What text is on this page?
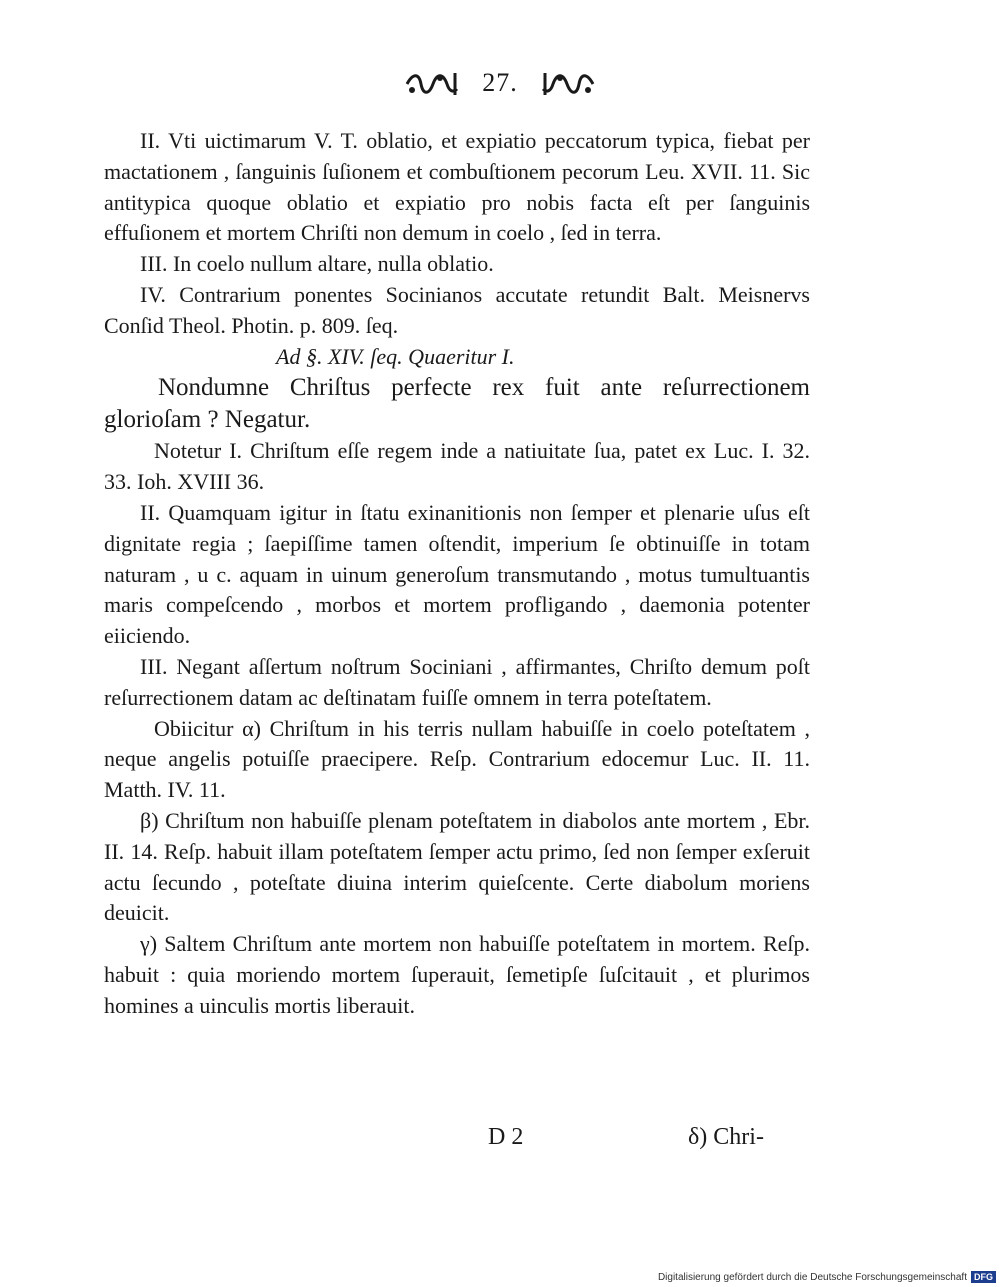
27.

II. Vti uictimarum V. T. oblatio, et expiatio peccatorum typica, fiebat per mactationem , ſanguinis ſuſionem et combuſtionem pecorum Leu. XVII. 11. Sic antitypica quoque oblatio et expiatio pro nobis facta eſt per ſanguinis effuſionem et mortem Chriſti non demum in coelo , ſed in terra.

III. In coelo nullum altare, nulla oblatio.

IV. Contrarium ponentes Socinianos accutate retundit Balt. Meisnervs Conſid Theol. Photin. p. 809. ſeq.

Ad §. XIV. ſeq. Quaeritur I.

Nondumne Chriſtus perfecte rex fuit ante reſurrectionem glorioſam ? Negatur.

Notetur I. Chriſtum eſſe regem inde a natiuitate ſua, patet ex Luc. I. 32. 33. Ioh. XVIII 36.

II. Quamquam igitur in ſtatu exinanitionis non ſemper et plenarie uſus eſt dignitate regia ; ſaepiſſime tamen oſtendit, imperium ſe obtinuiſſe in totam naturam , u c. aquam in uinum generoſum transmutando , motus tumultuantis maris compeſcendo , morbos et mortem profligando , daemonia potenter eiiciendo.

III. Negant aſſertum noſtrum Sociniani , affirmantes, Chriſto demum poſt reſurrectionem datam ac deſtinatam fuiſſe omnem in terra poteſtatem.

Obiicitur α) Chriſtum in his terris nullam habuiſſe in coelo poteſtatem , neque angelis potuiſſe praecipere. Reſp. Contrarium edocemur Luc. II. 11. Matth. IV. 11.

β) Chriſtum non habuiſſe plenam poteſtatem in diabolos ante mortem , Ebr. II. 14. Reſp. habuit illam poteſtatem ſemper actu primo, ſed non ſemper exſeruit actu ſecundo , poteſtate diuina interim quieſcente. Certe diabolum moriens deuicit.

γ) Saltem Chriſtum ante mortem non habuiſſe poteſtatem in mortem. Reſp. habuit : quia moriendo mortem ſuperauit, ſemetipſe ſuſcitauit , et plurimos homines a uinculis mortis liberauit.

D 2	δ) Chri-
Digitalisierung gefördert durch die Deutsche Forschungsgemeinschaft DFG
